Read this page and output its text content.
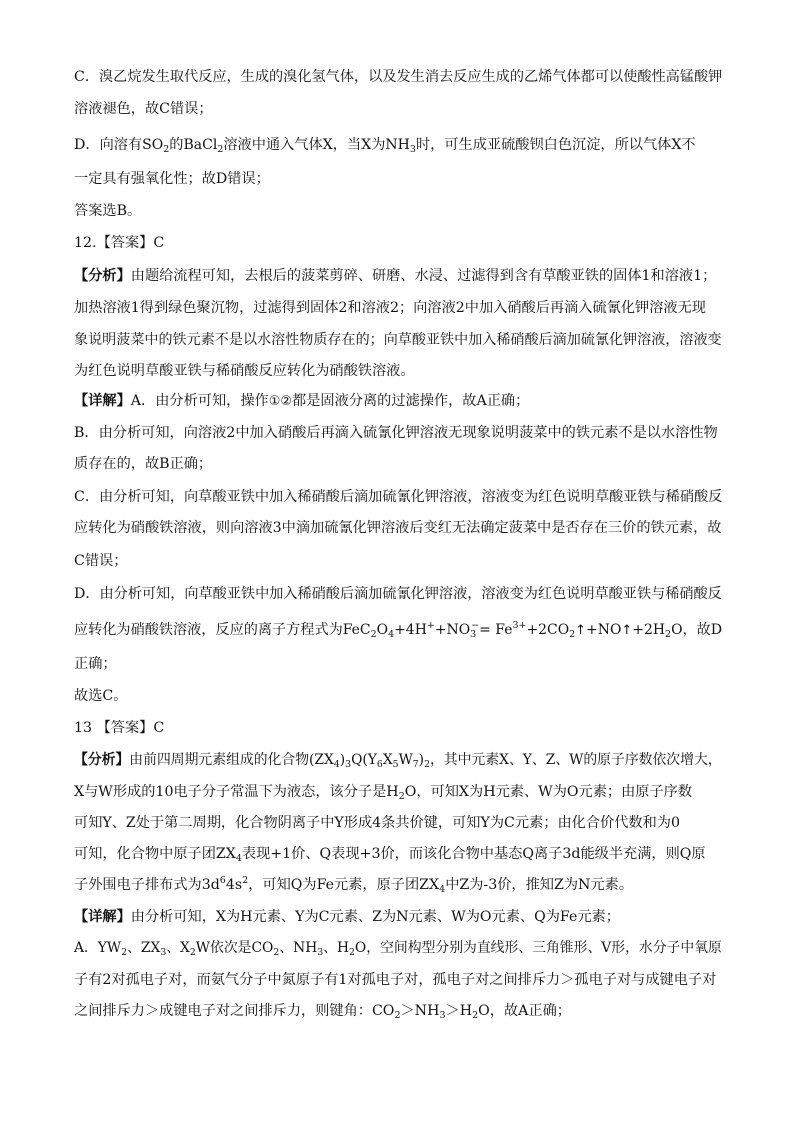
C．溴乙烷发生取代反应，生成的溴化氢气体，以及发生消去反应生成的乙烯气体都可以使酸性高锰酸钾
溶液褪色，故C错误；
D．向溶有$SO_2$的BaCl$_2$溶液中通入气体X，当X为$NH_3$时，可生成亚硫酸钡白色沉淀，所以气体X不
一定具有强氧化性；故D错误；
答案选B。
12.【答案】C
【分析】由题给流程可知，去根后的菠菜剪碎、研磨、水浸、过滤得到含有草酸亚铁的固体1和溶液1；
加热溶液1得到绿色聚沉物，过滤得到固体2和溶液2；向溶液2中加入硝酸后再滴入硫氰化钾溶液无现
象说明菠菜中的铁元素不是以水溶性物质存在的；向草酸亚铁中加入稀硝酸后滴加硫氰化钾溶液，溶液变
为红色说明草酸亚铁与稀硝酸反应转化为硝酸铁溶液。
【详解】A．由分析可知，操作①②都是固液分离的过滤操作，故A正确；
B．由分析可知，向溶液2中加入硝酸后再滴入硫氰化钾溶液无现象说明菠菜中的铁元素不是以水溶性物
质存在的，故B正确；
C．由分析可知，向草酸亚铁中加入稀硝酸后滴加硫氰化钾溶液，溶液变为红色说明草酸亚铁与稀硝酸反
应转化为硝酸铁溶液，则向溶液3中滴加硫氰化钾溶液后变红无法确定菠菜中是否存在三价的铁元素，故
C错误；
D．由分析可知，向草酸亚铁中加入稀硝酸后滴加硫氰化钾溶液，溶液变为红色说明草酸亚铁与稀硝酸反
应转化为硝酸铁溶液，反应的离子方程式为$FeC_2O_4+4H^++NO_3^-=$ $Fe^{3+}+2CO_2↑+NO↑+2H_2O$，故D
正确；
故选C。
13 【答案】C
【分析】由前四周期元素组成的化合物$(ZX_4)_3Q(Y_6X_5W_7)_2$，其中元素X、Y、Z、W的原子序数依次增大，
X与W形成的10电子分子常温下为液态，该分子是$H_2O$，可知X为H元素、W为O元素；由原子序数
可知Y、Z处于第二周期，化合物阴离子中Y形成4条共价键，可知Y为C元素；由化合价代数和为0
可知，化合物中原子团$ZX_4$表现+1价、Q表现+3价，而该化合物中基态Q离子3d能级半充满，则Q原
子外围电子排布式为$3d^64s^2$，可知Q为Fe元素，原子团$ZX_4$中Z为-3价，推知Z为N元素。
【详解】由分析可知，X为H元素、Y为C元素、Z为N元素、W为O元素、Q为Fe元素；
A．$YW_2$、$ZX_3$、$X_2W$依次是$CO_2$、$NH_3$、$H_2O$，空间构型分别为直线形、三角锥形、V形，水分子中氧原
子有2对孤电子对，而氨气分子中氮原子有1对孤电子对，孤电子对之间排斥力＞孤电子对与成键电子对
之间排斥力＞成键电子对之间排斥力，则键角：$CO_2>NH_3>H_2O$，故A正确；
